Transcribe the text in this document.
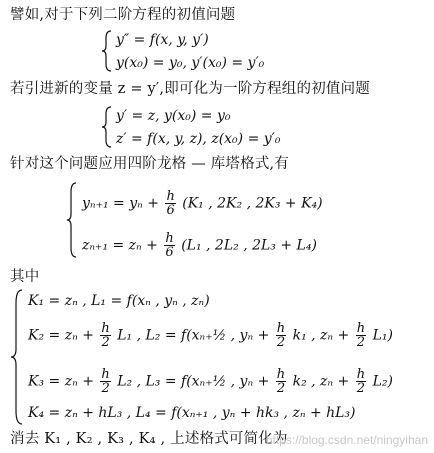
譬如,对于下列二阶方程的初值问题
y″ = f(x, y, y′)
y(x₀) = y₀, y′(x₀) = y′₀
若引进新的变量 z = y′,即可化为一阶方程组的初值问题
y′ = z, y(x₀) = y₀
z′ = f(x, y, z), z(x₀) = y′₀
针对这个问题应用四阶龙格 — 库塔格式,有
$y_{n+1} = y_n + \frac{h}{6} (K_1$ , 2K₂ , 2K₃ + K₄)
$z_{n+1} = z_n + \frac{h}{6} (L_1$ , 2L₂ , 2L₃ + L₄)
其中
K₁ = zₙ , L₁ = f(xₙ , yₙ , zₙ)
$K_2 = z_n + \frac{h}{2} L_1$ , L₂ = f(xₙ₊½ , $y_n + \frac{h}{2} k_1$ , $z_n + \frac{h}{2} L_1$)
$K_3 = z_n + \frac{h}{2} L_2$ , L₃ = f(xₙ₊½ , $y_n + \frac{h}{2} k_2$ , $z_n + \frac{h}{2} L_2$)
K₄ = zₙ + hL₃ , L₄ = f(xₙ₊₁ , yₙ + hk₃ , zₙ + hL₃)
消去 K₁ , K₂ , K₃ , K₄ , 上述格式可简化为
https://blog.csdn.net/ningyihan
